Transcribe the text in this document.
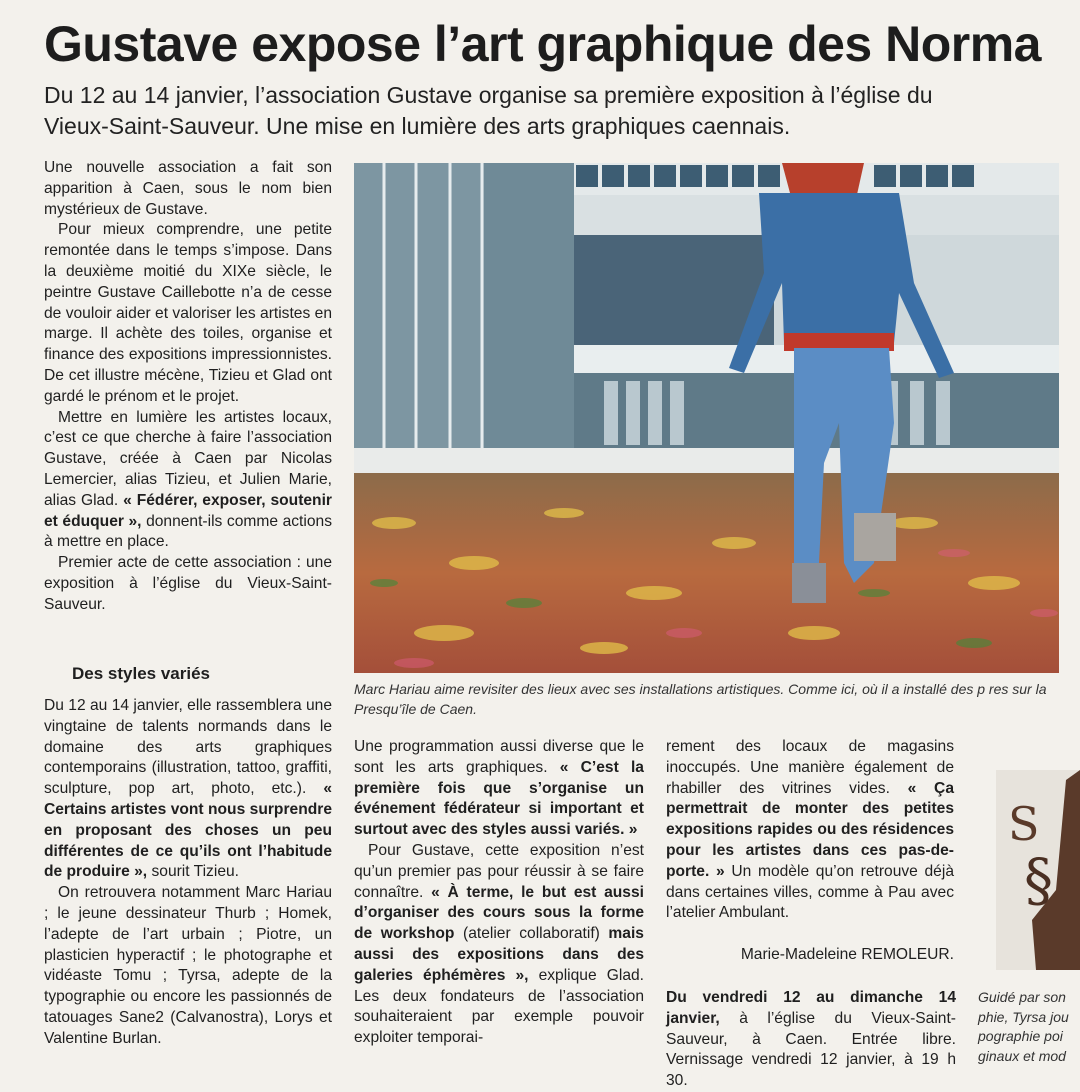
Gustave expose l’art graphique des Norma
Du 12 au 14 janvier, l’association Gustave organise sa première exposition à l’église du Vieux-Saint-Sauveur. Une mise en lumière des arts graphiques caennais.

Une nouvelle association a fait son apparition à Caen, sous le nom bien mystérieux de Gustave.

Pour mieux comprendre, une petite remontée dans le temps s’impose. Dans la deuxième moitié du XIXe siècle, le peintre Gustave Caillebotte n’a de cesse de vouloir aider et valoriser les artistes en marge. Il achète des toiles, organise et finance des expositions impressionnistes. De cet illustre mécène, Tizieu et Glad ont gardé le prénom et le projet.

Mettre en lumière les artistes locaux, c’est ce que cherche à faire l’association Gustave, créée à Caen par Nicolas Lemercier, alias Tizieu, et Julien Marie, alias Glad. « Fédérer, exposer, soutenir et éduquer », donnent-ils comme actions à mettre en place.

Premier acte de cette association : une exposition à l’église du Vieux-Saint-Sauveur.

Des styles variés

Du 12 au 14 janvier, elle rassemblera une vingtaine de talents normands dans le domaine des arts graphiques contemporains (illustration, tattoo, graffiti, sculpture, pop art, photo, etc.). « Certains artistes vont nous surprendre en proposant des choses un peu différentes de ce qu’ils ont l’habitude de produire », sourit Tizieu.

On retrouvera notamment Marc Hariau ; le jeune dessinateur Thurb ; Homek, l’adepte de l’art urbain ; Piotre, un plasticien hyperactif ; le photographe et vidéaste Tomu ; Tyrsa, adepte de la typographie ou encore les passionnés de tatouages Sane2 (Calvanostra), Lorys et Valentine Burlan.

Marc Hariau aime revisiter des lieux avec ses installations artistiques. Comme ici, où il a installé des p res sur la Presqu’île de Caen.

Une programmation aussi diverse que le sont les arts graphiques. « C’est la première fois que s’organise un événement fédérateur si important et surtout avec des styles aussi variés. »

Pour Gustave, cette exposition n’est qu’un premier pas pour réussir à se faire connaître. « À terme, le but est aussi d’organiser des cours sous la forme de workshop (atelier collaboratif) mais aussi des expositions dans des galeries éphémères », explique Glad. Les deux fondateurs de l’association souhaiteraient par exemple pouvoir exploiter temporai-

rement des locaux de magasins inoccupés. Une manière également de rhabiller des vitrines vides. « Ça permettrait de monter des petites expositions rapides ou des résidences pour les artistes dans ces pas-de-porte. » Un modèle qu’on retrouve déjà dans certaines villes, comme à Pau avec l’atelier Ambulant.

Marie-Madeleine REMOLEUR.
Du vendredi 12 au dimanche 14 janvier, à l’église du Vieux-Saint-Sauveur, à Caen. Entrée libre. Vernissage vendredi 12 janvier, à 19 h 30.
S
§
Guidé par son phie, Tyrsa jou pographie poi ginaux et mod
